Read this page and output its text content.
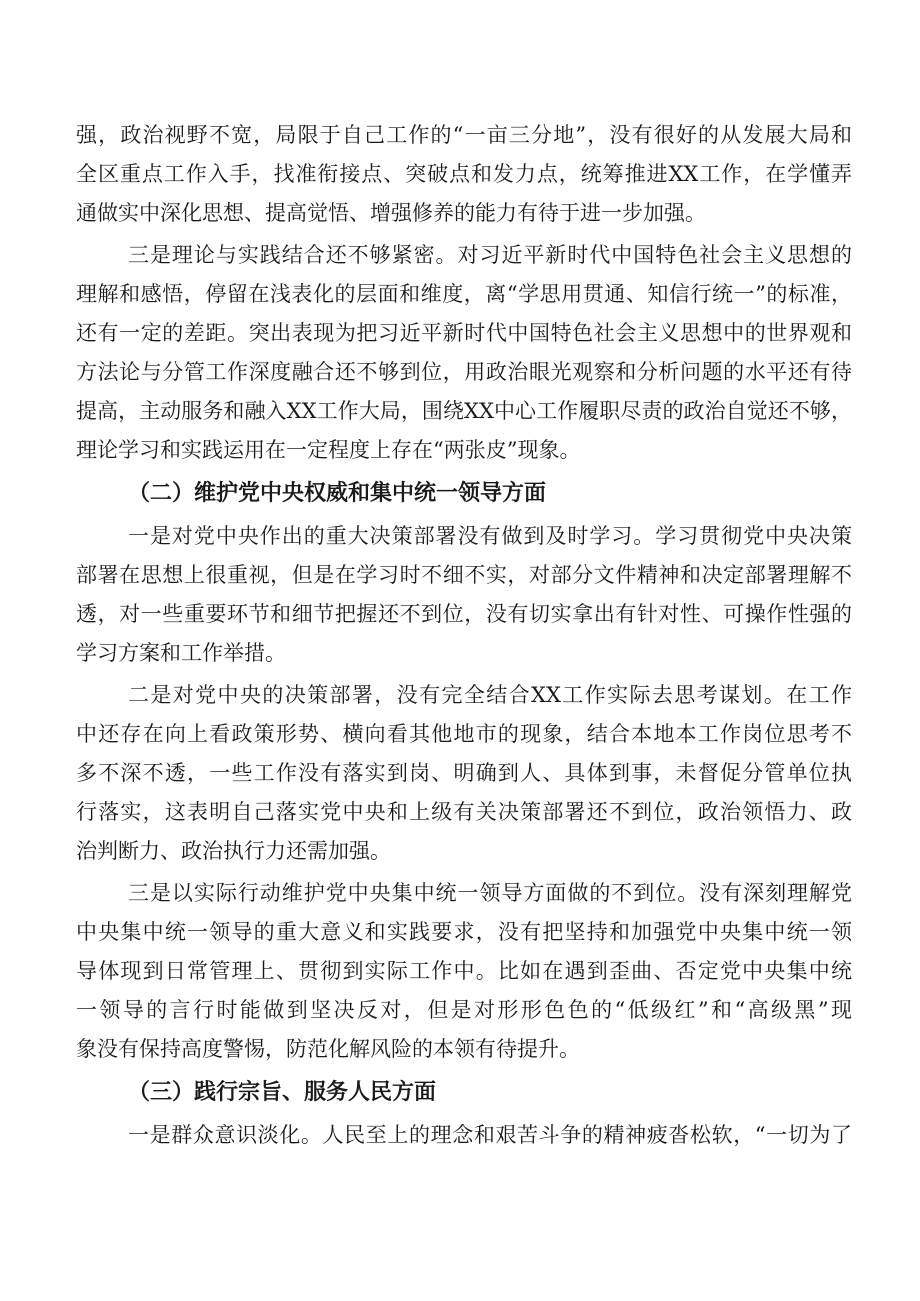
强，政治视野不宽，局限于自己工作的“一亩三分地”，没有很好的从发展大局和
全区重点工作入手，找准衔接点、突破点和发力点，统筹推进XX工作，在学懂弄
通做实中深化思想、提高觉悟、增强修养的能力有待于进一步加强。
三是理论与实践结合还不够紧密。对习近平新时代中国特色社会主义思想的
理解和感悟，停留在浅表化的层面和维度，离“学思用贯通、知信行统一”的标准，
还有一定的差距。突出表现为把习近平新时代中国特色社会主义思想中的世界观和
方法论与分管工作深度融合还不够到位，用政治眼光观察和分析问题的水平还有待
提高，主动服务和融入XX工作大局，围绕XX中心工作履职尽责的政治自觉还不够，
理论学习和实践运用在一定程度上存在“两张皮”现象。
（二）维护党中央权威和集中统一领导方面
一是对党中央作出的重大决策部署没有做到及时学习。学习贯彻党中央决策
部署在思想上很重视，但是在学习时不细不实，对部分文件精神和决定部署理解不
透，对一些重要环节和细节把握还不到位，没有切实拿出有针对性、可操作性强的
学习方案和工作举措。
二是对党中央的决策部署，没有完全结合XX工作实际去思考谋划。在工作
中还存在向上看政策形势、横向看其他地市的现象，结合本地本工作岗位思考不
多不深不透，一些工作没有落实到岗、明确到人、具体到事，未督促分管单位执
行落实，这表明自己落实党中央和上级有关决策部署还不到位，政治领悟力、政
治判断力、政治执行力还需加强。
三是以实际行动维护党中央集中统一领导方面做的不到位。没有深刻理解党
中央集中统一领导的重大意义和实践要求，没有把坚持和加强党中央集中统一领
导体现到日常管理上、贯彻到实际工作中。比如在遇到歪曲、否定党中央集中统
一领导的言行时能做到坚决反对，但是对形形色色的“低级红”和“高级黑”现
象没有保持高度警惕，防范化解风险的本领有待提升。
（三）践行宗旨、服务人民方面
一是群众意识淡化。人民至上的理念和艰苦斗争的精神疲沓松软，“一切为了
